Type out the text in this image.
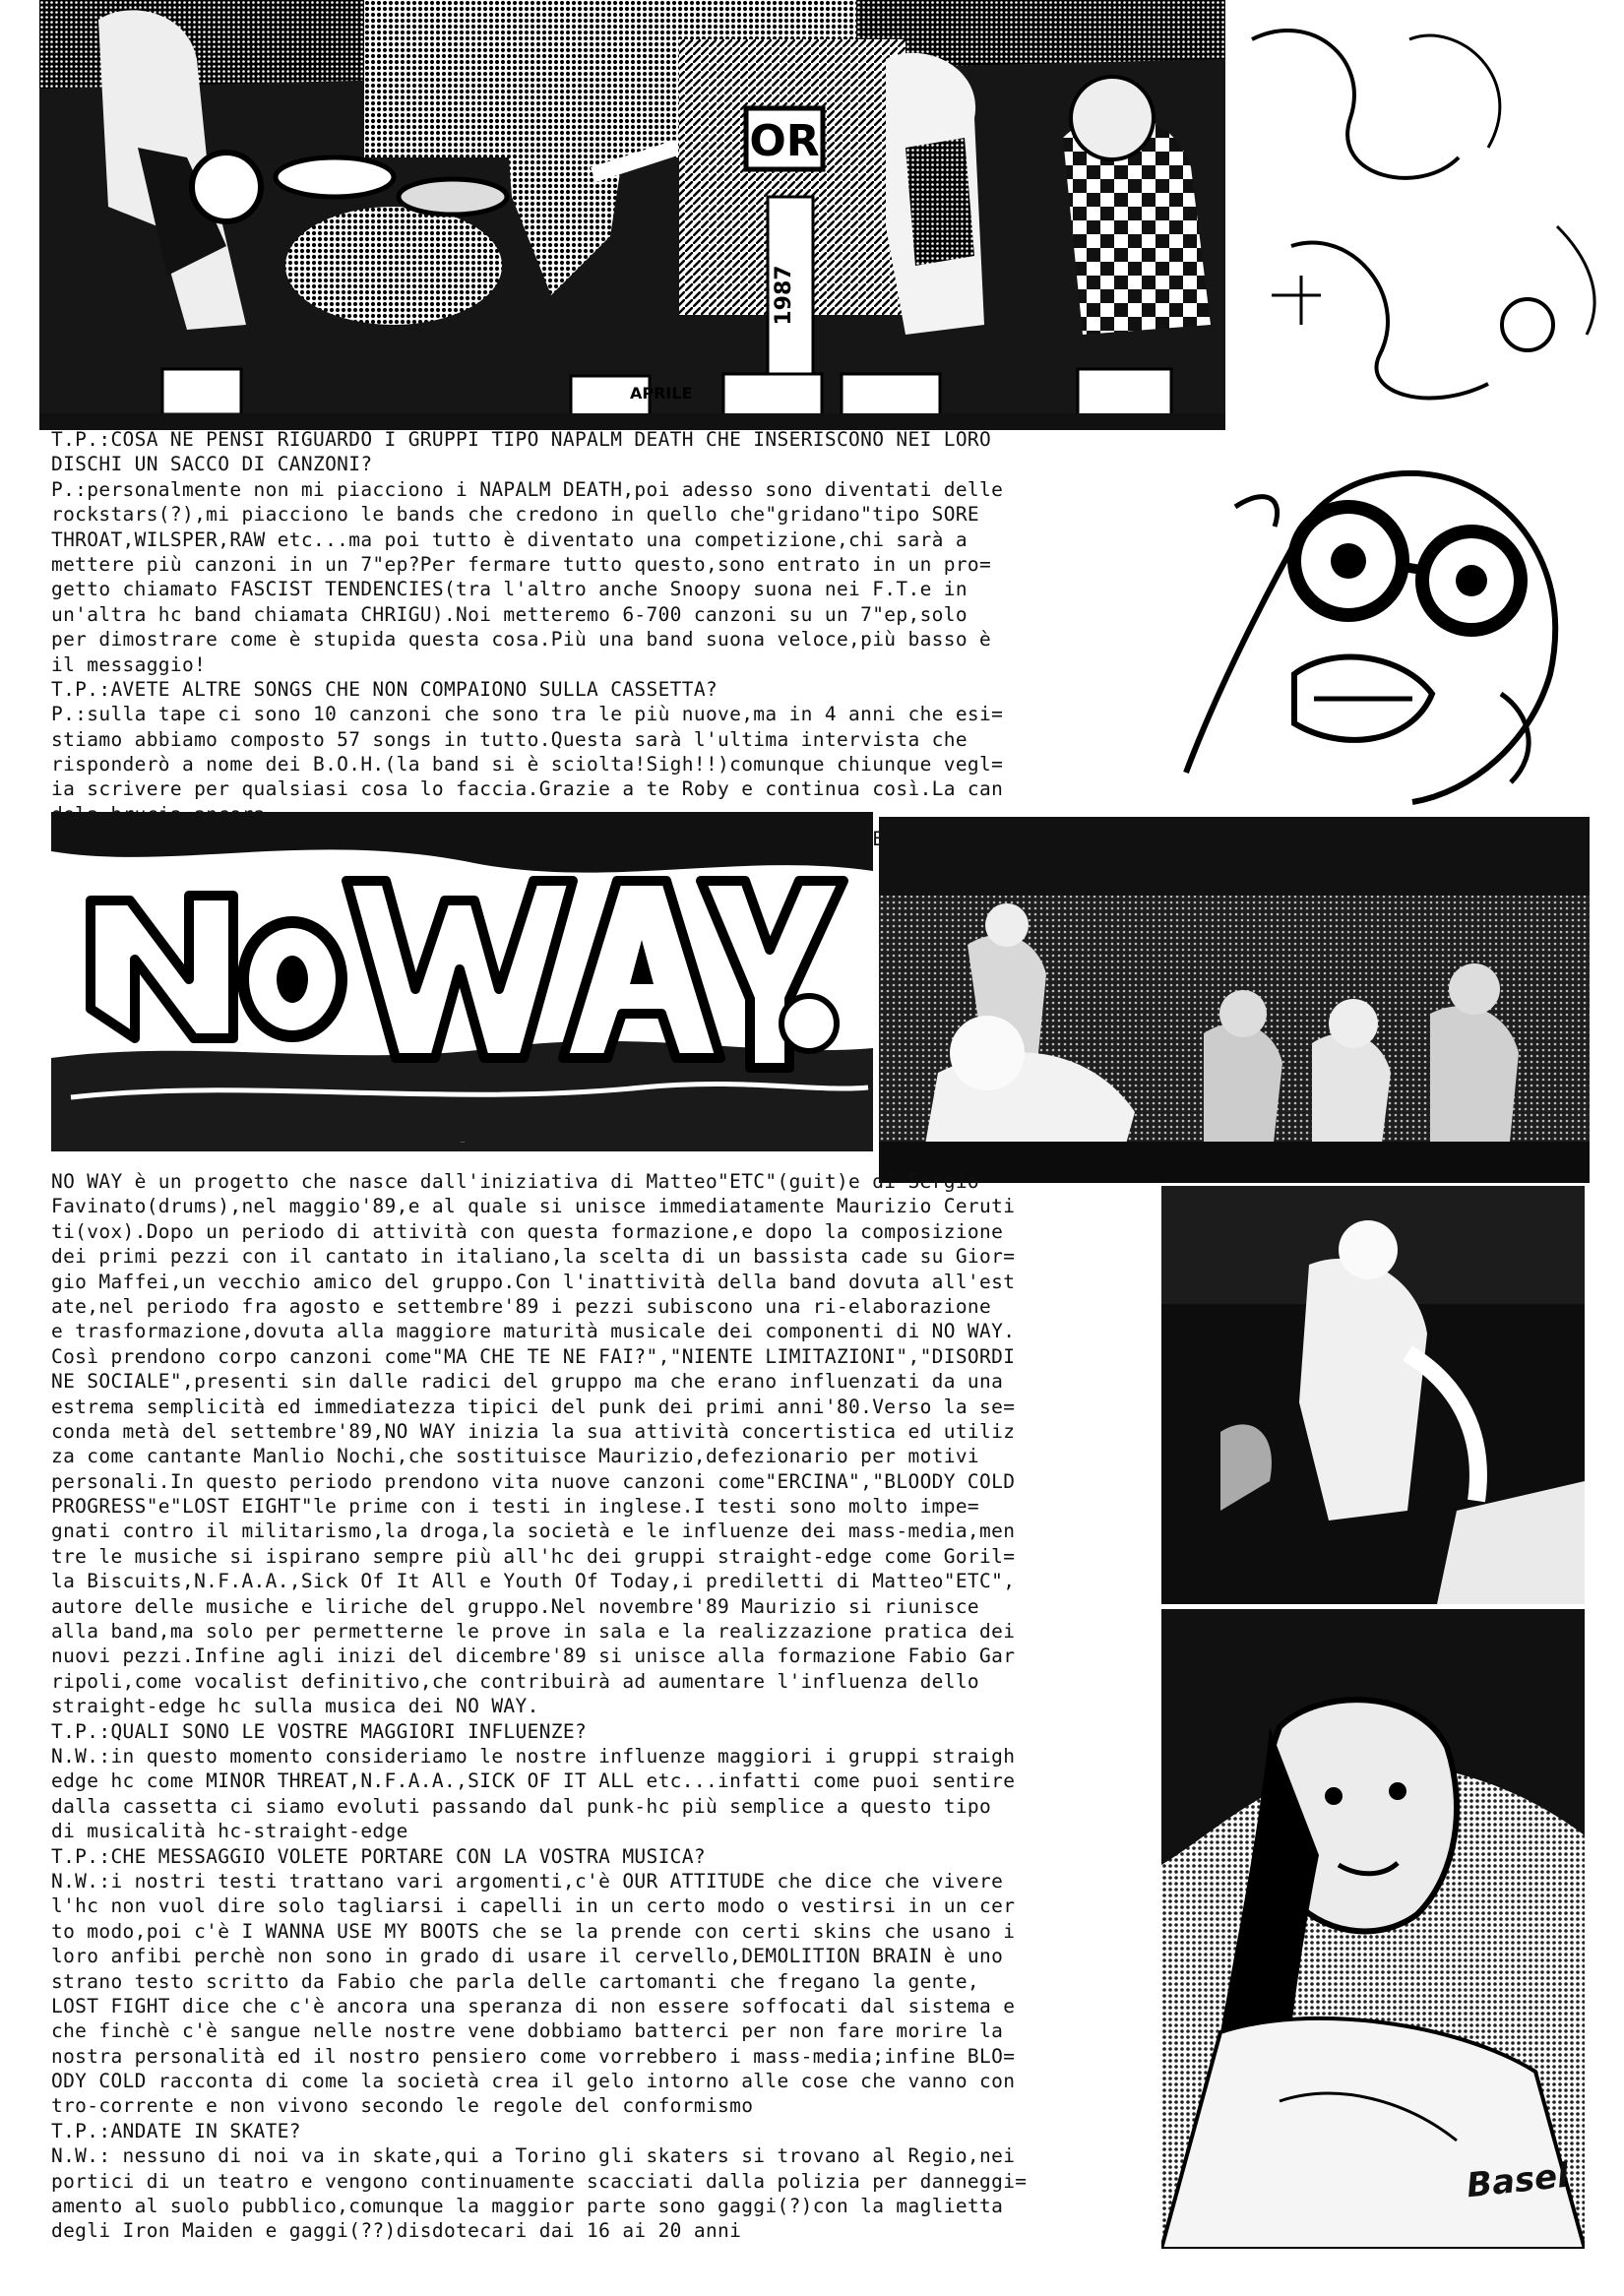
OR
1987
APRILE
T.P.:COSA NE PENSI RIGUARDO I GRUPPI TIPO NAPALM DEATH CHE INSERISCONO NEI LORO
DISCHI UN SACCO DI CANZONI?
P.:personalmente non mi piacciono i NAPALM DEATH,poi adesso sono diventati delle
rockstars(?),mi piacciono le bands che credono in quello che"gridano"tipo SORE
THROAT,WILSPER,RAW etc...ma poi tutto è diventato una competizione,chi sarà a
mettere più canzoni in un 7"ep?Per fermare tutto questo,sono entrato in un pro=
getto chiamato FASCIST TENDENCIES(tra l'altro anche Snoopy suona nei F.T.e in
un'altra hc band chiamata CHRIGU).Noi metteremo 6-700 canzoni su un 7"ep,solo
per dimostrare come è stupida questa cosa.Più una band suona veloce,più basso è
il messaggio!
T.P.:AVETE ALTRE SONGS CHE NON COMPAIONO SULLA CASSETTA?
P.:sulla tape ci sono 10 canzoni che sono tra le più nuove,ma in 4 anni che esi=
stiamo abbiamo composto 57 songs in tutto.Questa sarà l'ultima intervista che
risponderò a nome dei B.O.H.(la band si è sciolta!Sigh!!)comunque chiunque vegl=
ia scrivere per qualsiasi cosa lo faccia.Grazie a te Roby e continua così.La can
NO WAY
Basel
NO WAY è un progetto che nasce dall'iniziativa di Matteo"ETC"(guit)e di Sergio
Favinato(drums),nel maggio'89,e al quale si unisce immediatamente Maurizio Ceruti
ti(vox).Dopo un periodo di attività con questa formazione,e dopo la composizione
dei primi pezzi con il cantato in italiano,la scelta di un bassista cade su Gior=
gio Maffei,un vecchio amico del gruppo.Con l'inattività della band dovuta all'est
ate,nel periodo fra agosto e settembre'89 i pezzi subiscono una ri-elaborazione
e trasformazione,dovuta alla maggiore maturità musicale dei componenti di NO WAY.
Così prendono corpo canzoni come"MA CHE TE NE FAI?","NIENTE LIMITAZIONI","DISORDI
NE SOCIALE",presenti sin dalle radici del gruppo ma che erano influenzati da una
estrema semplicità ed immediatezza tipici del punk dei primi anni'80.Verso la se=
conda metà del settembre'89,NO WAY inizia la sua attività concertistica ed utiliz
za come cantante Manlio Nochi,che sostituisce Maurizio,defezionario per motivi
personali.In questo periodo prendono vita nuove canzoni come"ERCINA","BLOODY COLD
PROGRESS"e"LOST EIGHT"le prime con i testi in inglese.I testi sono molto impe=
gnati contro il militarismo,la droga,la società e le influenze dei mass-media,men
tre le musiche si ispirano sempre più all'hc dei gruppi straight-edge come Goril=
la Biscuits,N.F.A.A.,Sick Of It All e Youth Of Today,i prediletti di Matteo"ETC",
autore delle musiche e liriche del gruppo.Nel novembre'89 Maurizio si riunisce
alla band,ma solo per permetterne le prove in sala e la realizzazione pratica dei
nuovi pezzi.Infine agli inizi del dicembre'89 si unisce alla formazione Fabio Gar
ripoli,come vocalist definitivo,che contribuirà ad aumentare l'influenza dello
straight-edge hc sulla musica dei NO WAY.
T.P.:QUALI SONO LE VOSTRE MAGGIORI INFLUENZE?
N.W.:in questo momento consideriamo le nostre influenze maggiori i gruppi straigh
edge hc come MINOR THREAT,N.F.A.A.,SICK OF IT ALL etc...infatti come puoi sentire
dalla cassetta ci siamo evoluti passando dal punk-hc più semplice a questo tipo
di musicalità hc-straight-edge
T.P.:CHE MESSAGGIO VOLETE PORTARE CON LA VOSTRA MUSICA?
N.W.:i nostri testi trattano vari argomenti,c'è OUR ATTITUDE che dice che vivere
l'hc non vuol dire solo tagliarsi i capelli in un certo modo o vestirsi in un cer
to modo,poi c'è I WANNA USE MY BOOTS che se la prende con certi skins che usano i
loro anfibi perchè non sono in grado di usare il cervello,DEMOLITION BRAIN è uno
strano testo scritto da Fabio che parla delle cartomanti che fregano la gente,
LOST FIGHT dice che c'è ancora una speranza di non essere soffocati dal sistema e
che finchè c'è sangue nelle nostre vene dobbiamo batterci per non fare morire la
nostra personalità ed il nostro pensiero come vorrebbero i mass-media;infine BLO=
ODY COLD racconta di come la società crea il gelo intorno alle cose che vanno con
tro-corrente e non vivono secondo le regole del conformismo
T.P.:ANDATE IN SKATE?
N.W.: nessuno di noi va in skate,qui a Torino gli skaters si trovano al Regio,nei
portici di un teatro e vengono continuamente scacciati dalla polizia per danneggi=
amento al suolo pubblico,comunque la maggior parte sono gaggi(?)con la maglietta
degli Iron Maiden e gaggi(??)disdotecari dai 16 ai 20 anni
